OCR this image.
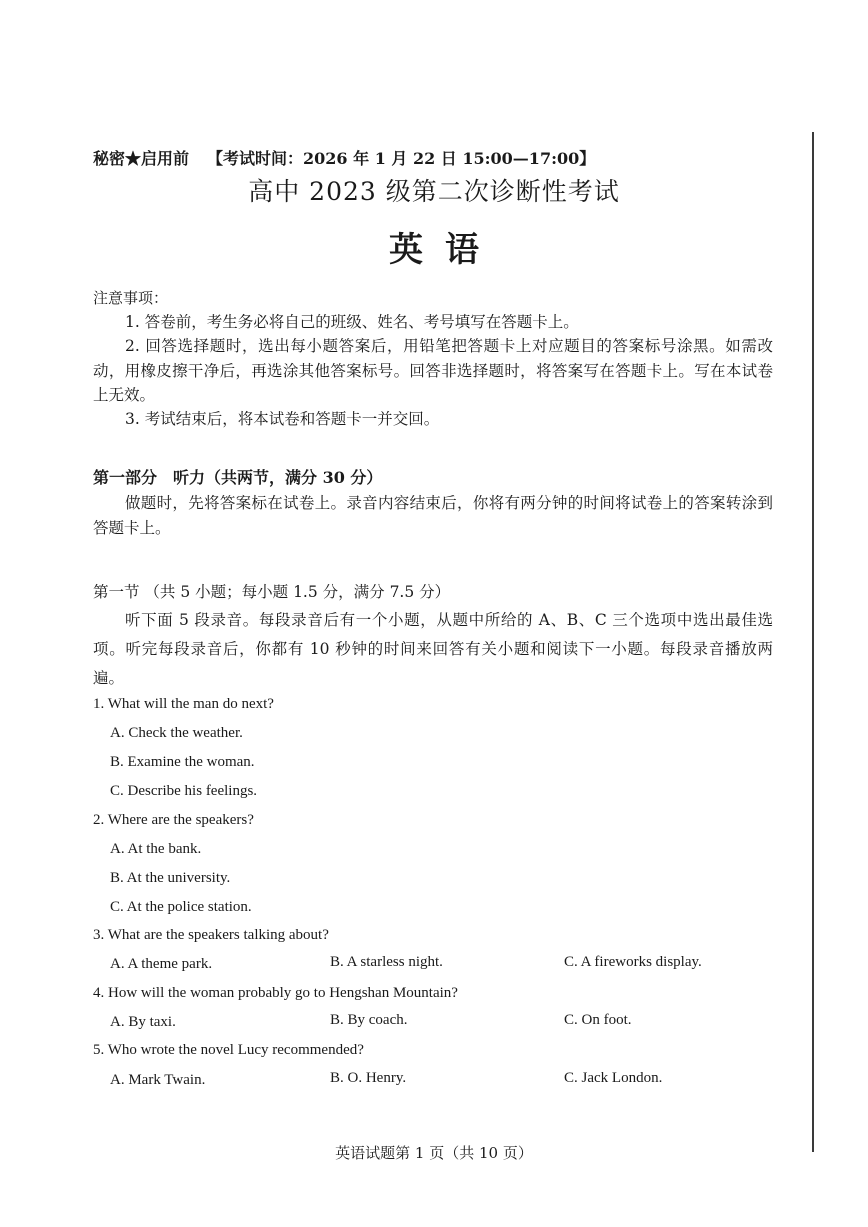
秘密★启用前 【考试时间：2026 年 1 月 22 日 15:00—17:00】
高中 2023 级第二次诊断性考试
英语
注意事项：
1. 答卷前，考生务必将自己的班级、姓名、考号填写在答题卡上。
2. 回答选择题时，选出每小题答案后，用铅笔把答题卡上对应题目的答案标号涂黑。如需改动，用橡皮擦干净后，再选涂其他答案标号。回答非选择题时，将答案写在答题卡上。写在本试卷上无效。
3. 考试结束后，将本试卷和答题卡一并交回。
第一部分　听力（共两节，满分 30 分）
做题时，先将答案标在试卷上。录音内容结束后，你将有两分钟的时间将试卷上的答案转涂到答题卡上。
第一节 （共 5 小题；每小题 1.5 分，满分 7.5 分）
听下面 5 段录音。每段录音后有一个小题，从题中所给的 A、B、C 三个选项中选出最佳选项。听完每段录音后，你都有 10 秒钟的时间来回答有关小题和阅读下一小题。每段录音播放两遍。
1. What will the man do next?
A. Check the weather.
B. Examine the woman.
C. Describe his feelings.
2. Where are the speakers?
A. At the bank.
B. At the university.
C. At the police station.
3. What are the speakers talking about?
A. A theme park.	B. A starless night.	C. A fireworks display.
4. How will the woman probably go to Hengshan Mountain?
A. By taxi.	B. By coach.	C. On foot.
5. Who wrote the novel Lucy recommended?
A. Mark Twain.	B. O. Henry.	C. Jack London.
英语试题第 1 页（共 10 页）
